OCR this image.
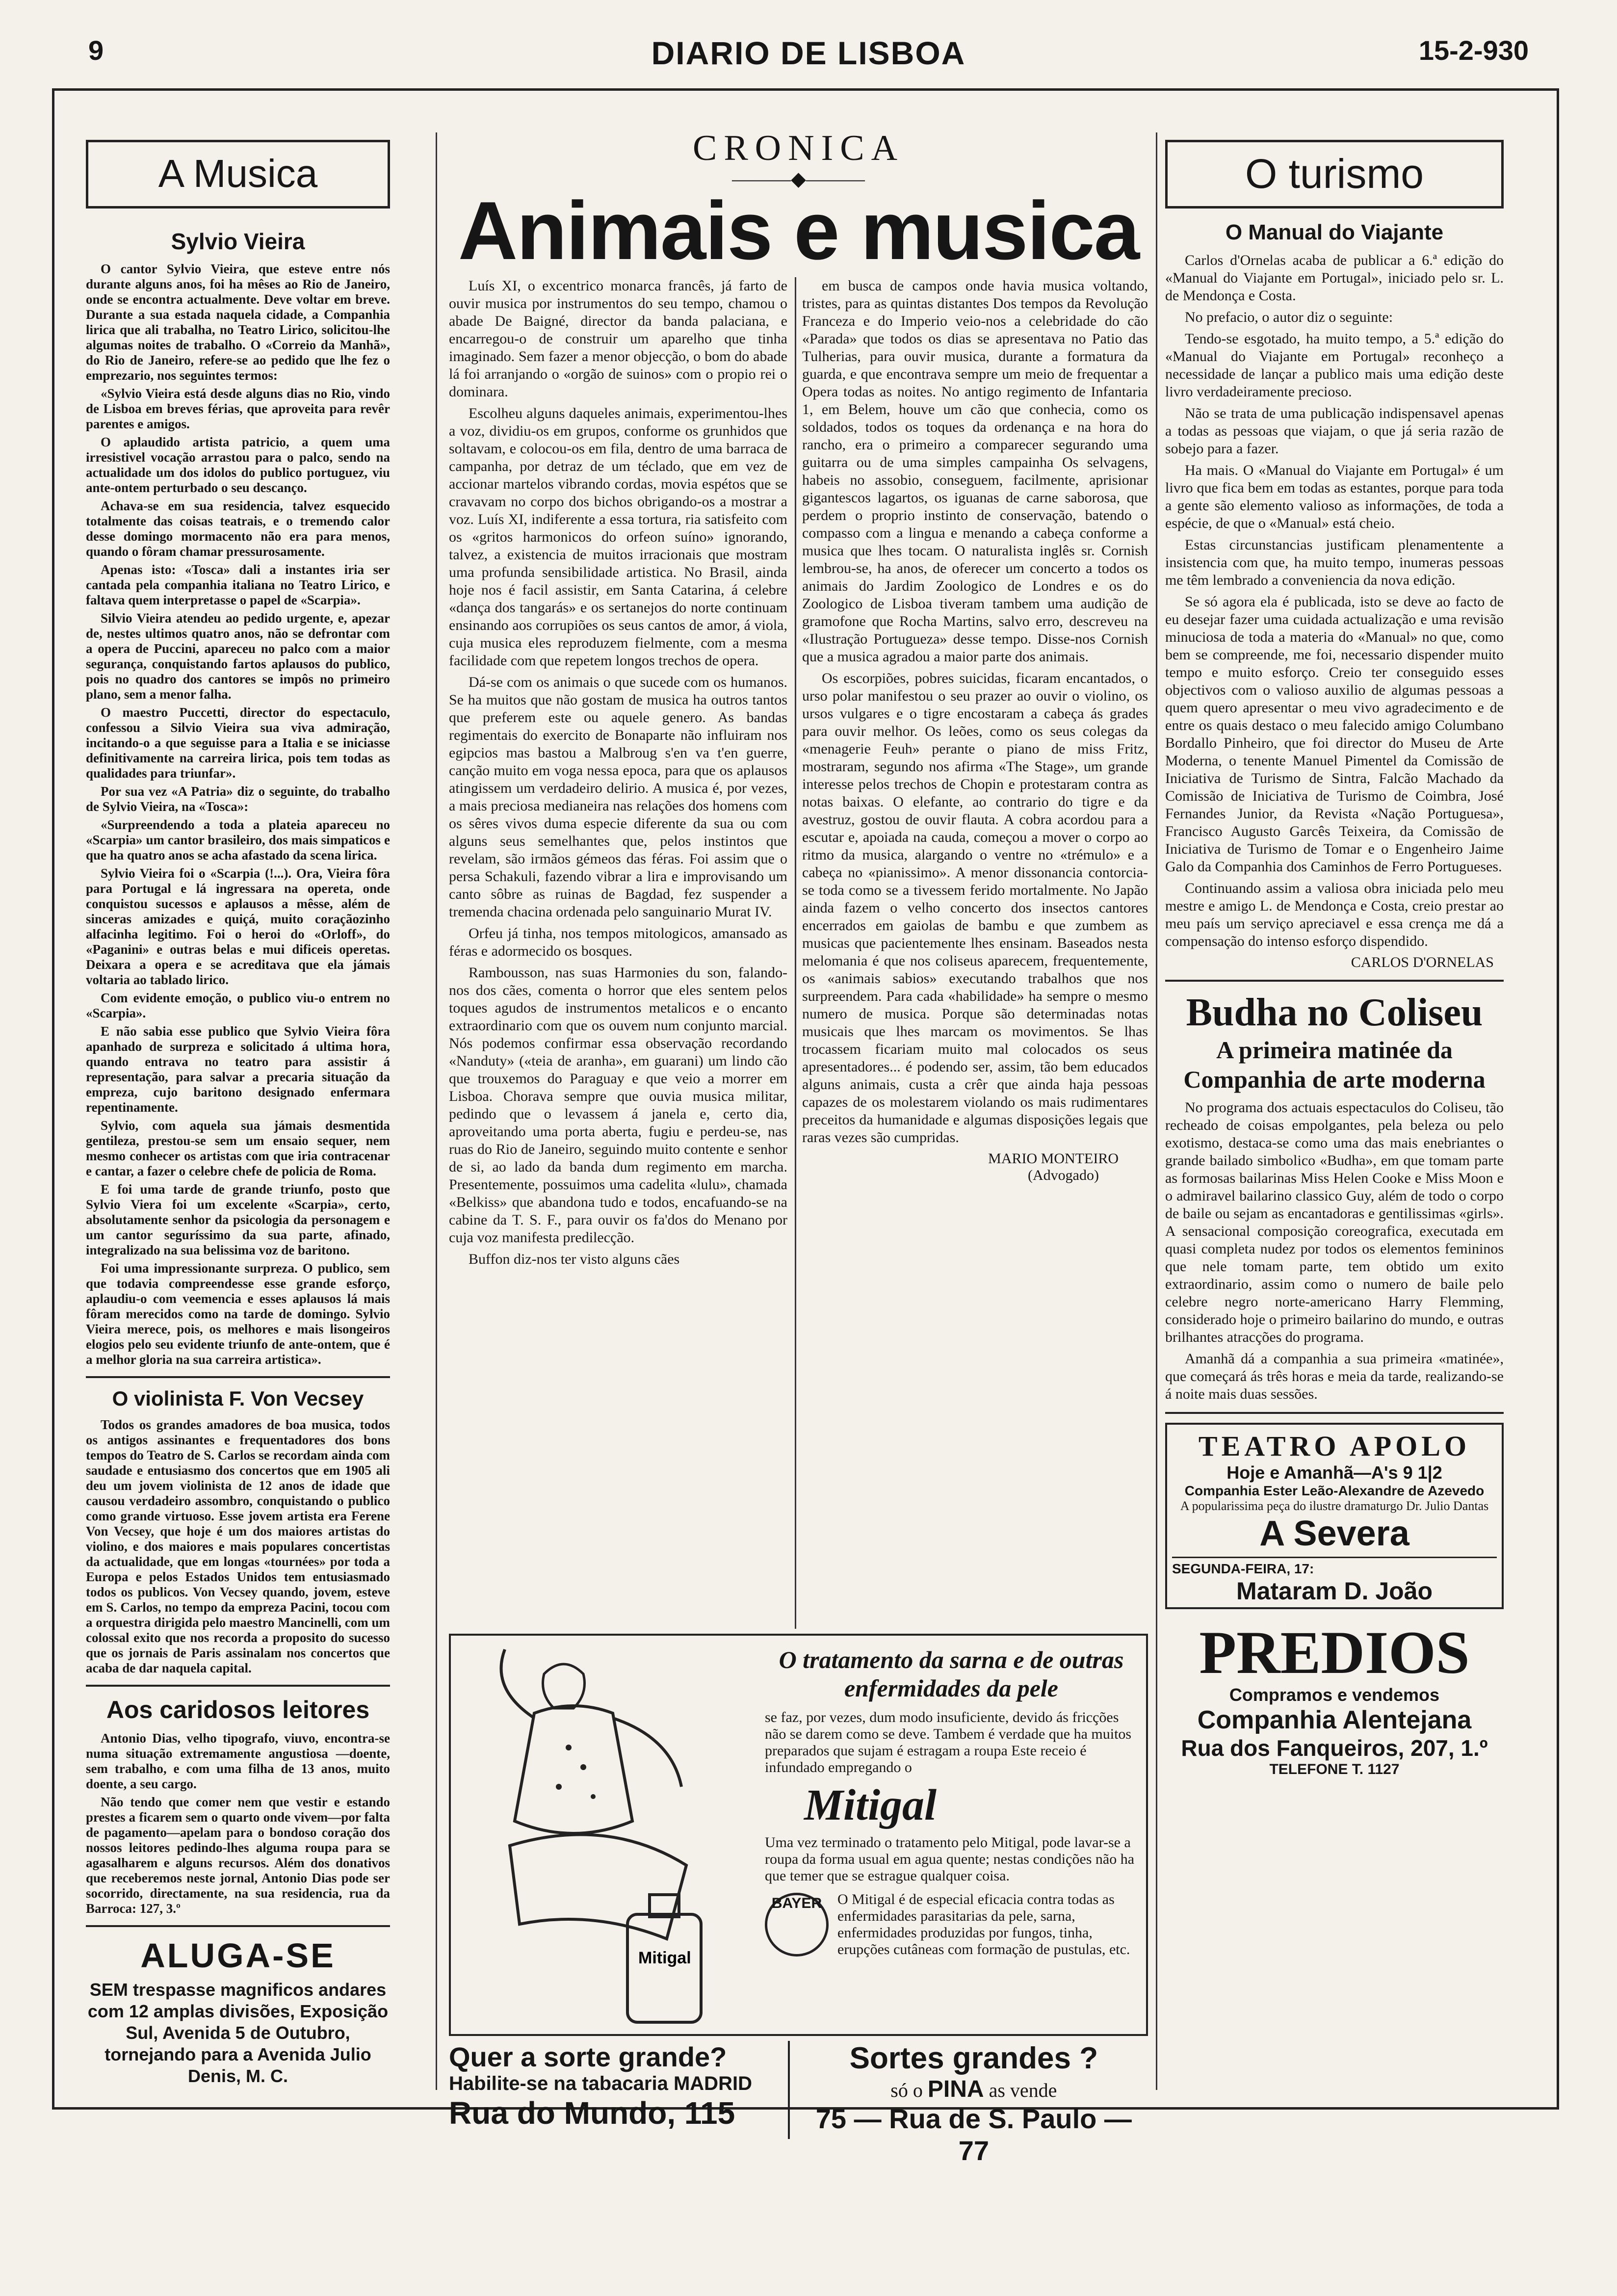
9	DIARIO DE LISBOA	15-2-930
A Musica
Sylvio Vieira

O cantor Sylvio Vieira, que esteve entre nós durante alguns anos, foi ha mêses ao Rio de Janeiro, onde se encontra actualmente. Deve voltar em breve. Durante a sua estada naquela cidade, a Companhia lirica que ali trabalha, no Teatro Lirico, solicitou-lhe algumas noites de trabalho. O «Correio da Manhã», do Rio de Janeiro, refere-se ao pedido que lhe fez o emprezario, nos seguintes termos:

«Sylvio Vieira está desde alguns dias no Rio, vindo de Lisboa em breves férias, que aproveita para revêr parentes e amigos.

O aplaudido artista patricio, a quem uma irresistivel vocação arrastou para o palco, sendo na actualidade um dos idolos do publico portuguez, viu ante-ontem perturbado o seu descanço.

Achava-se em sua residencia, talvez esquecido totalmente das coisas teatrais, e o tremendo calor desse domingo mormacento não era para menos, quando o fôram chamar pressurosamente.

Apenas isto: «Tosca» dali a instantes iria ser cantada pela companhia italiana no Teatro Lirico, e faltava quem interpretasse o papel de «Scarpia».

Silvio Vieira atendeu ao pedido urgente, e, apezar de, nestes ultimos quatro anos, não se defrontar com a opera de Puccini, apareceu no palco com a maior segurança, conquistando fartos aplausos do publico, pois no quadro dos cantores se impôs no primeiro plano, sem a menor falha.

O maestro Puccetti, director do espectaculo, confessou a Silvio Vieira sua viva admiração, incitando-o a que seguisse para a Italia e se iniciasse definitivamente na carreira lirica, pois tem todas as qualidades para triunfar».

Por sua vez «A Patria» diz o seguinte, do trabalho de Sylvio Vieira, na «Tosca»:

«Surpreendendo a toda a plateia apareceu no «Scarpia» um cantor brasileiro, dos mais simpaticos e que ha quatro anos se acha afastado da scena lirica.

Sylvio Vieira foi o «Scarpia (!...). Ora, Vieira fôra para Portugal e lá ingressara na opereta, onde conquistou sucessos e aplausos a mêsse, além de sinceras amizades e quiçá, muito coraçãozinho alfacinha legitimo. Foi o heroi do «Orloff», do «Paganini» e outras belas e mui dificeis operetas. Deixara a opera e se acreditava que ela jámais voltaria ao tablado lirico.

Com evidente emoção, o publico viu-o entrem no «Scarpia».

E não sabia esse publico que Sylvio Vieira fôra apanhado de surpreza e solicitado á ultima hora, quando entrava no teatro para assistir á representação, para salvar a precaria situação da empreza, cujo baritono designado enfermara repentinamente.

Sylvio, com aquela sua jámais desmentida gentileza, prestou-se sem um ensaio sequer, nem mesmo conhecer os artistas com que iria contracenar e cantar, a fazer o celebre chefe de policia de Roma.

E foi uma tarde de grande triunfo, posto que Sylvio Viera foi um excelente «Scarpia», certo, absolutamente senhor da psicologia da personagem e um cantor seguríssimo da sua parte, afinado, integralizado na sua belissima voz de baritono.

Foi uma impressionante surpreza. O publico, sem que todavia compreendesse esse grande esforço, aplaudiu-o com veemencia e esses aplausos lá mais fôram merecidos como na tarde de domingo. Sylvio Vieira merece, pois, os melhores e mais lisongeiros elogios pelo seu evidente triunfo de ante-ontem, que é a melhor gloria na sua carreira artistica».

O violinista F. Von Vecsey

Todos os grandes amadores de boa musica, todos os antigos assinantes e frequentadores dos bons tempos do Teatro de S. Carlos se recordam ainda com saudade e entusiasmo dos concertos que em 1905 ali deu um jovem violinista de 12 anos de idade que causou verdadeiro assombro, conquistando o publico como grande virtuoso. Esse jovem artista era Ferene Von Vecsey, que hoje é um dos maiores artistas do violino, e dos maiores e mais populares concertistas da actualidade, que em longas «tournées» por toda a Europa e pelos Estados Unidos tem entusiasmado todos os publicos. Von Vecsey quando, jovem, esteve em S. Carlos, no tempo da empreza Pacini, tocou com a orquestra dirigida pelo maestro Mancinelli, com um colossal exito que nos recorda a proposito do sucesso que os jornais de Paris assinalam nos concertos que acaba de dar naquela capital.

Aos caridosos leitores

Antonio Dias, velho tipografo, viuvo, encontra-se numa situação extremamente angustiosa —doente, sem trabalho, e com uma filha de 13 anos, muito doente, a seu cargo.

Não tendo que comer nem que vestir e estando prestes a ficarem sem o quarto onde vivem—por falta de pagamento—apelam para o bondoso coração dos nossos leitores pedindo-lhes alguma roupa para se agasalharem e alguns recursos. Além dos donativos que receberemos neste jornal, Antonio Dias pode ser socorrido, directamente, na sua residencia, rua da Barroca: 127, 3.º

ALUGA-SE
SEM trespasse magnificos andares com 12 amplas divisões, Exposição Sul, Avenida 5 de Outubro, tornejando para a Avenida Julio Denis, M. C.
CRONICA
———◆———
Animais e musica

Luís XI, o excentrico monarca francês, já farto de ouvir musica por instrumentos do seu tempo, chamou o abade De Baigné, director da banda palaciana, e encarregou-o de construir um aparelho que tinha imaginado. Sem fazer a menor objecção, o bom do abade lá foi arranjando o «orgão de suinos» com o propio rei o dominara.

Escolheu alguns daqueles animais, experimentou-lhes a voz, dividiu-os em grupos, conforme os grunhidos que soltavam, e colocou-os em fila, dentro de uma barraca de campanha, por detraz de um téclado, que em vez de accionar martelos vibrando cordas, movia espétos que se cravavam no corpo dos bichos obrigando-os a mostrar a voz. Luís XI, indiferente a essa tortura, ria satisfeito com os «gritos harmonicos do orfeon suíno» ignorando, talvez, a existencia de muitos irracionais que mostram uma profunda sensibilidade artistica. No Brasil, ainda hoje nos é facil assistir, em Santa Catarina, á celebre «dança dos tangarás» e os sertanejos do norte continuam ensinando aos corrupiões os seus cantos de amor, á viola, cuja musica eles reproduzem fielmente, com a mesma facilidade com que repetem longos trechos de opera.

Dá-se com os animais o que sucede com os humanos. Se ha muitos que não gostam de musica ha outros tantos que preferem este ou aquele genero. As bandas regimentais do exercito de Bonaparte não influiram nos egipcios mas bastou a Malbroug s'en va t'en guerre, canção muito em voga nessa epoca, para que os aplausos atingissem um verdadeiro delirio. A musica é, por vezes, a mais preciosa medianeira nas relações dos homens com os sêres vivos duma especie diferente da sua ou com alguns seus semelhantes que, pelos instintos que revelam, são irmãos gémeos das féras. Foi assim que o persa Schakuli, fazendo vibrar a lira e improvisando um canto sôbre as ruinas de Bagdad, fez suspender a tremenda chacina ordenada pelo sanguinario Murat IV.

Orfeu já tinha, nos tempos mitologicos, amansado as féras e adormecido os bosques.

Rambousson, nas suas Harmonies du son, falando-nos dos cães, comenta o horror que eles sentem pelos toques agudos de instrumentos metalicos e o encanto extraordinario com que os ouvem num conjunto marcial. Nós podemos confirmar essa observação recordando «Nanduty» («teia de aranha», em guarani) um lindo cão que trouxemos do Paraguay e que veio a morrer em Lisboa. Chorava sempre que ouvia musica militar, pedindo que o levassem á janela e, certo dia, aproveitando uma porta aberta, fugiu e perdeu-se, nas ruas do Rio de Janeiro, seguindo muito contente e senhor de si, ao lado da banda dum regimento em marcha. Presentemente, possuimos uma cadelita «lulu», chamada «Belkiss» que abandona tudo e todos, encafuando-se na cabine da T. S. F., para ouvir os fa'dos do Menano por cuja voz manifesta predilecção.

Buffon diz-nos ter visto alguns cães

em busca de campos onde havia musica voltando, tristes, para as quintas distantes Dos tempos da Revolução Franceza e do Imperio veio-nos a celebridade do cão «Parada» que todos os dias se apresentava no Patio das Tulherias, para ouvir musica, durante a formatura da guarda, e que encontrava sempre um meio de frequentar a Opera todas as noites. No antigo regimento de Infantaria 1, em Belem, houve um cão que conhecia, como os soldados, todos os toques da ordenança e na hora do rancho, era o primeiro a comparecer segurando uma guitarra ou de uma simples campainha Os selvagens, habeis no assobio, conseguem, facilmente, aprisionar gigantescos lagartos, os iguanas de carne saborosa, que perdem o proprio instinto de conservação, batendo o compasso com a lingua e menando a cabeça conforme a musica que lhes tocam. O naturalista inglês sr. Cornish lembrou-se, ha anos, de oferecer um concerto a todos os animais do Jardim Zoologico de Londres e os do Zoologico de Lisboa tiveram tambem uma audição de gramofone que Rocha Martins, salvo erro, descreveu na «Ilustração Portugueza» desse tempo. Disse-nos Cornish que a musica agradou a maior parte dos animais.

Os escorpiões, pobres suicidas, ficaram encantados, o urso polar manifestou o seu prazer ao ouvir o violino, os ursos vulgares e o tigre encostaram a cabeça ás grades para ouvir melhor. Os leões, como os seus colegas da «menagerie Feuh» perante o piano de miss Fritz, mostraram, segundo nos afirma «The Stage», um grande interesse pelos trechos de Chopin e protestaram contra as notas baixas. O elefante, ao contrario do tigre e da avestruz, gostou de ouvir flauta. A cobra acordou para a escutar e, apoiada na cauda, começou a mover o corpo ao ritmo da musica, alargando o ventre no «trémulo» e a cabeça no «pianissimo». A menor dissonancia contorcia-se toda como se a tivessem ferido mortalmente. No Japão ainda fazem o velho concerto dos insectos cantores encerrados em gaiolas de bambu e que zumbem as musicas que pacientemente lhes ensinam. Baseados nesta melomania é que nos coliseus aparecem, frequentemente, os «animais sabios» executando trabalhos que nos surpreendem. Para cada «habilidade» ha sempre o mesmo numero de musica. Porque são determinadas notas musicais que lhes marcam os movimentos. Se lhas trocassem ficariam muito mal colocados os seus apresentadores... é podendo ser, assim, tão bem educados alguns animais, custa a crêr que ainda haja pessoas capazes de os molestarem violando os mais rudimentares preceitos da humanidade e algumas disposições legais que raras vezes são cumpridas.

MARIO MONTEIRO
(Advogado)
Mitigal
O tratamento da sarna e de outras enfermidades da pele
se faz, por vezes, dum modo insuficiente, devido ás fricções não se darem como se deve. Tambem é verdade que ha muitos preparados que sujam é estragam a roupa Este receio é infundado empregando o
Mitigal
Uma vez terminado o tratamento pelo Mitigal, pode lavar-se a roupa da forma usual em agua quente; nestas condições não ha que temer que se estrague qualquer coisa.
BAYER	O Mitigal é de especial eficacia contra todas as enfermidades parasitarias da pele, sarna, enfermidades produzidas por fungos, tinha, erupções cutâneas com formação de pustulas, etc.
Quer a sorte grande?
Habilite-se na tabacaria MADRID
Rua do Mundo, 115
Sortes grandes ?
só o PINA as vende
75 — Rua de S. Paulo — 77
O turismo
O Manual do Viajante

Carlos d'Ornelas acaba de publicar a 6.ª edição do «Manual do Viajante em Portugal», iniciado pelo sr. L. de Mendonça e Costa.

No prefacio, o autor diz o seguinte:

Tendo-se esgotado, ha muito tempo, a 5.ª edição do «Manual do Viajante em Portugal» reconheço a necessidade de lançar a publico mais uma edição deste livro verdadeiramente precioso.

Não se trata de uma publicação indispensavel apenas a todas as pessoas que viajam, o que já seria razão de sobejo para a fazer.

Ha mais. O «Manual do Viajante em Portugal» é um livro que fica bem em todas as estantes, porque para toda a gente são elemento valioso as informações, de toda a espécie, de que o «Manual» está cheio.

Estas circunstancias justificam plenamentente a insistencia com que, ha muito tempo, inumeras pessoas me têm lembrado a conveniencia da nova edição.

Se só agora ela é publicada, isto se deve ao facto de eu desejar fazer uma cuidada actualização e uma revisão minuciosa de toda a materia do «Manual» no que, como bem se compreende, me foi, necessario dispender muito tempo e muito esforço. Creio ter conseguido esses objectivos com o valioso auxilio de algumas pessoas a quem quero apresentar o meu vivo agradecimento e de entre os quais destaco o meu falecido amigo Columbano Bordallo Pinheiro, que foi director do Museu de Arte Moderna, o tenente Manuel Pimentel da Comissão de Iniciativa de Turismo de Sintra, Falcão Machado da Comissão de Iniciativa de Turismo de Coimbra, José Fernandes Junior, da Revista «Nação Portuguesa», Francisco Augusto Garcês Teixeira, da Comissão de Iniciativa de Turismo de Tomar e o Engenheiro Jaime Galo da Companhia dos Caminhos de Ferro Portugueses.

Continuando assim a valiosa obra iniciada pelo meu mestre e amigo L. de Mendonça e Costa, creio prestar ao meu país um serviço apreciavel e essa crença me dá a compensação do intenso esforço dispendido.

CARLOS D'ORNELAS
Budha no Coliseu
A primeira matinée da Companhia de arte moderna

No programa dos actuais espectaculos do Coliseu, tão recheado de coisas empolgantes, pela beleza ou pelo exotismo, destaca-se como uma das mais enebriantes o grande bailado simbolico «Budha», em que tomam parte as formosas bailarinas Miss Helen Cooke e Miss Moon e o admiravel bailarino classico Guy, além de todo o corpo de baile ou sejam as encantadoras e gentilissimas «girls». A sensacional composição coreografica, executada em quasi completa nudez por todos os elementos femininos que nele tomam parte, tem obtido um exito extraordinario, assim como o numero de baile pelo celebre negro norte-americano Harry Flemming, considerado hoje o primeiro bailarino do mundo, e outras brilhantes atracções do programa.

Amanhã dá a companhia a sua primeira «matinée», que começará ás três horas e meia da tarde, realizando-se á noite mais duas sessões.

TEATRO APOLO
Hoje e Amanhã—A's 9 1|2
Companhia Ester Leão-Alexandre de Azevedo
A popularissima peça do ilustre dramaturgo Dr. Julio Dantas
A Severa
SEGUNDA-FEIRA, 17:
Mataram D. João
PREDIOS
Compramos e vendemos
Companhia Alentejana
Rua dos Fanqueiros, 207, 1.º
TELEFONE T. 1127
